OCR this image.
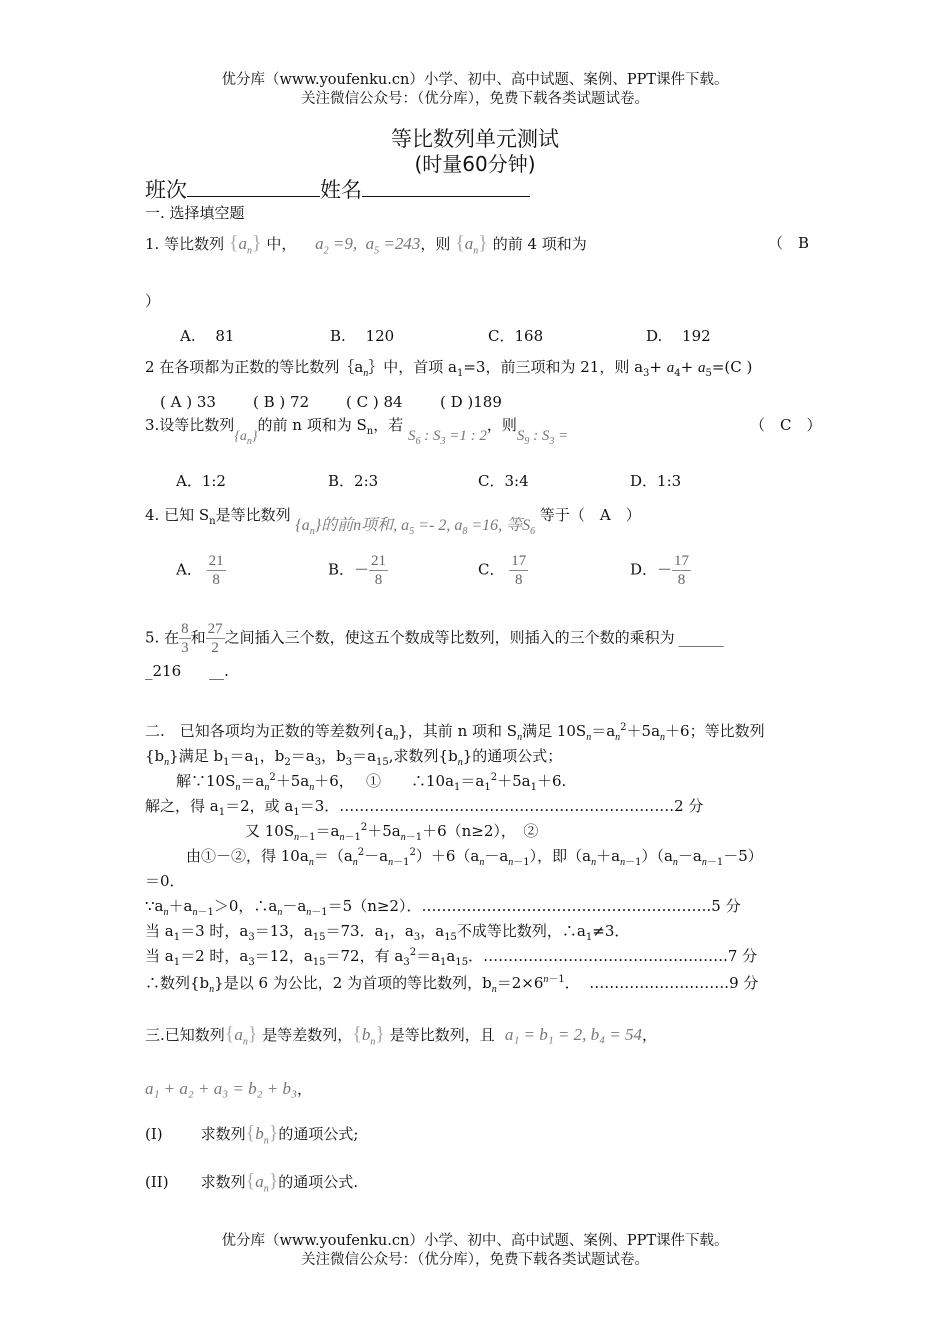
优分库（www.youfenku.cn）小学、初中、高中试题、案例、PPT课件下载。
关注微信公众号：（优分库），免费下载各类试题试卷。
等比数列单元测试
(时量60分钟)
班次	姓名
一. 选择填空题
1. 等比数列 $\{a_n\}$ 中， $a_2 =9$,  $a_5 =243$，则 $\{a_n\}$ 的前 4 项和为	（　B
）
A.　 81	B.　 120	C．168	D.　 192
2 在各项都为正数的等比数列$\{a_n\}$中，首项 $a_1=3$，前三项和为 21，则 $a_3+ a_4+ a_5=(C$ )
( A ) 33 ( B ) 72 ( C ) 84 ( D )189
3.设等比数列$\{a_n\}$的前 n 项和为 $S_n$，若 $S_6$ : $S_3 =1$ : 2，则$S_9$ : $S_3$ =
（　C　）
A．1:2	B．2:3	C．3:4	D．1:3
4. 已知 $S_n$是等比数列 $\{a_n\}$的前n项和, $a_5 =- 2$, $a_8 =16$, 等$S_6$ 等于（　A　）
A． $\frac{21}{8}$	B．－ $\frac{21}{8}$	C． $\frac{17}{8}$	D．－ $\frac{17}{8}$
5. 在 $\frac{8}{3}$ 和 $\frac{27}{2}$ 之间插入三个数，使这五个数成等比数列，则插入的三个数的乘积为 ______
_216 __.
二.　已知各项均为正数的等差数列$\{a_n\}$，其前 n 项和 $S_n$满足 $10S_n=a_n^2+5a_n+6$；等比数列
$\{b_n\}$满足 $b_1=a_1$，$b_2=a_3$，$b_3=a_{15}$,求数列$\{b_n\}$的通项公式；
解$\because 10S_n=a_n^2+5a_n+6$，　 ①　　$\therefore 10a_1=a_1^2+5a_1+6$.
解之，得 $a_1=2$，或 $a_1=3$．………………………………………………………….2 分
又 $10S_{n-1}=a_{n-1}^2+5a_{n-1}+6(n\ge 2)$，　②
由①－②，得 $10a_n=(a_n^2-a_{n-1}^2)+6(a_n-a_{n-1})$，即$(a_n+a_{n-1})(a_n-a_{n-1}-5)$
＝0．
$\because a_n+a_{n-1}>0$，$\therefore a_n-a_{n-1}=5(n\ge 2)$．………………………………………………….5 分
当 $a_1=3$ 时，$a_3=13$，$a_{15}=73$．$a_1$，$a_3$，$a_{15}$不成等比数列，$\therefore a_1\ne 3$．
当 $a_1=2$ 时，$a_3=12$，$a_{15}=72$，有 $a_3^2=a_1a_{15}$．………………………………………….7 分
∴数列$\{b_n\}$是以 6 为公比，2 为首项的等比数列，$b_n=2\times 6^{n-1}$． ……………………….9 分
三.已知数列$\{a_n\}$ 是等差数列，$\{b_n\}$ 是等比数列，且 a₁ = b₁ = 2, b₄ = 54，
a₁ + a₂ + a₃ = b₂ + b₃，
(I)	求数列$\{b_n\}$的通项公式;
(II) 求数列$\{a_n\}$的通项公式.
优分库（www.youfenku.cn）小学、初中、高中试题、案例、PPT课件下载。
关注微信公众号：（优分库），免费下载各类试题试卷。
